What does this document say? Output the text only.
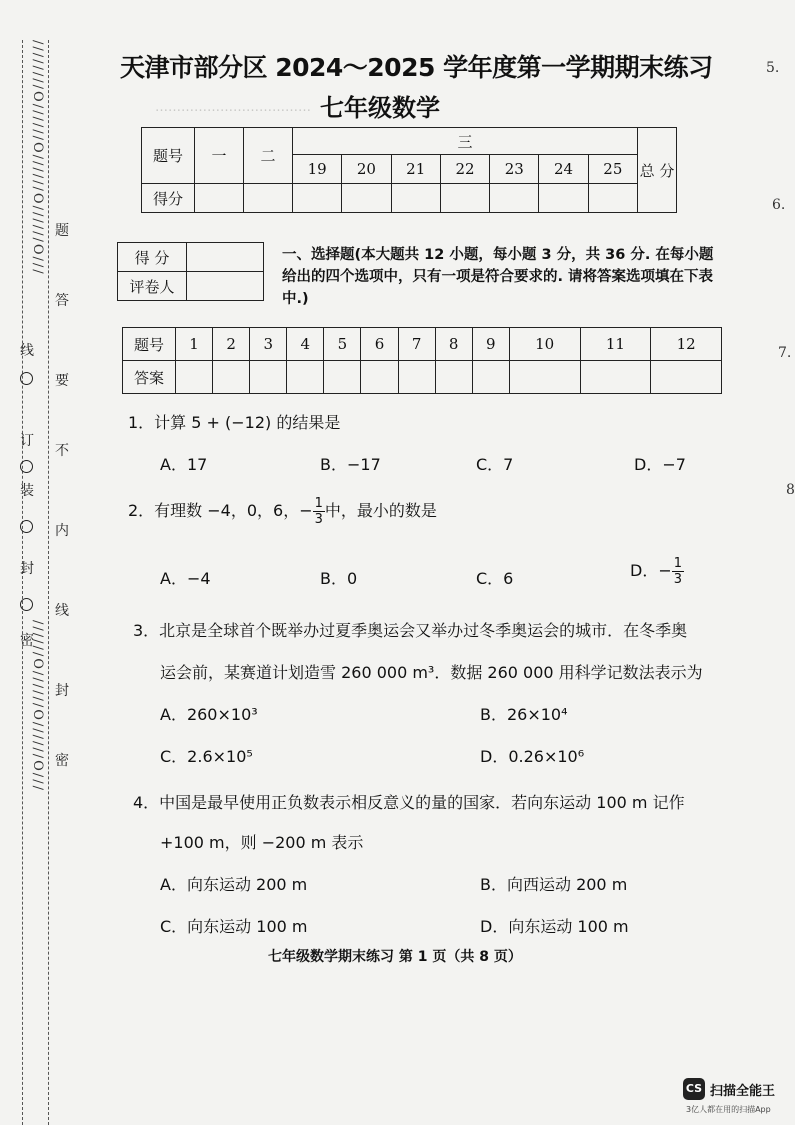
////////O//////O//////O//////O///
//////O//////O//////O///
题
答
要
不
内
线
封
密
线
订
装
封
密
………………………………
天津市部分区 2024～2025 学年度第一学期期末练习
七年级数学
题号	一	二	三							总 分
			19	20	21	22	23	24	25	
得分										
得 分	
评卷人	
一、选择题(本大题共 12 小题，每小题 3 分，共 36 分. 在每小题给出的四个选项中，只有一项是符合要求的. 请将答案选项填在下表中.)
题号	1	2	3	4	5	6	7	8	9	10	11	12
答案												
1．计算 5 + (−12) 的结果是
A．17	B．−17	C．7	D．−7
2．有理数 −4，0，6，− $\frac{1}{3}$ 中，最小的数是
A．−4	B．0	C．6	D．− $\frac{1}{3}$
3．北京是全球首个既举办过夏季奥运会又举办过冬季奥运会的城市．在冬季奥
运会前，某赛道计划造雪 260 000 m³．数据 260 000 用科学记数法表示为
A．260×10³	B．26×10⁴
C．2.6×10⁵	D．0.26×10⁶
4．中国是最早使用正负数表示相反意义的量的国家．若向东运动 100 m 记作
+100 m，则 −200 m 表示
A．向东运动 200 m	B．向西运动 200 m
C．向东运动 100 m	D．向东运动 100 m
七年级数学期末练习 第 1 页（共 8 页）
5.
6.
7.
8
CS 扫描全能王
3亿人都在用的扫描App
